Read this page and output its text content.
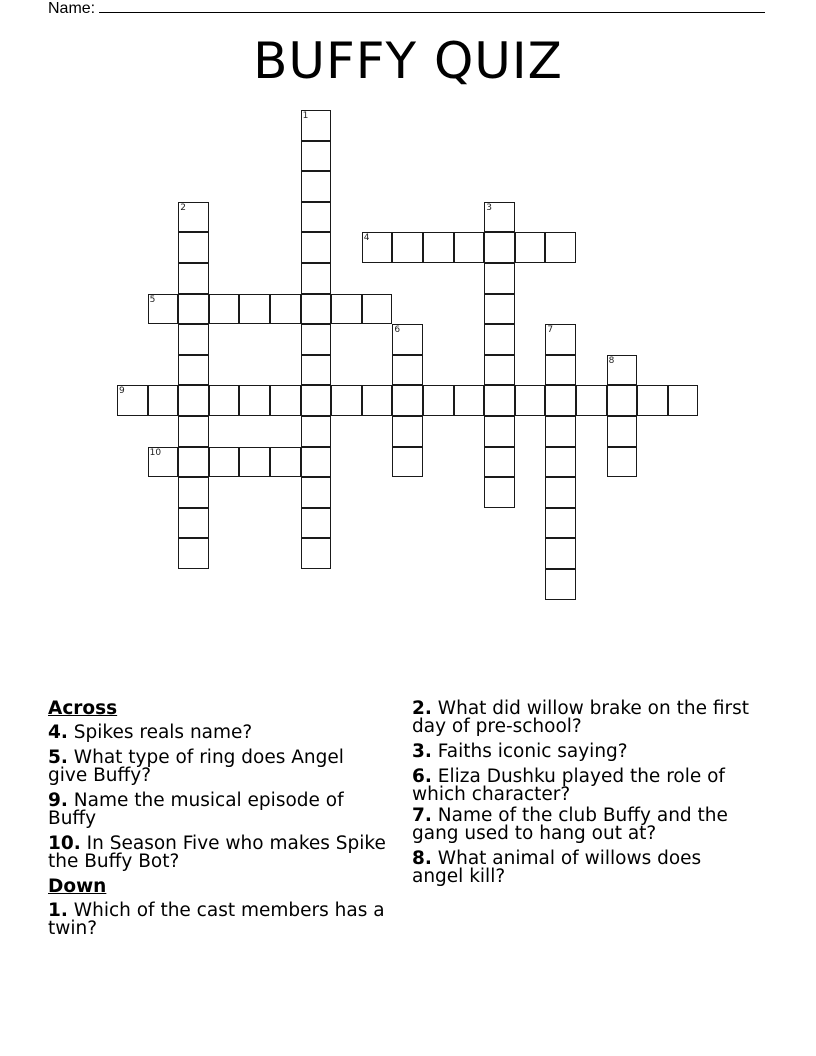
Name:
BUFFY QUIZ
1
2	3
4
5
6	7
8
9
10
Across
4. Spikes reals name?
5. What type of ring does Angel give Buffy?
9. Name the musical episode of Buffy
10. In Season Five who makes Spike the Buffy Bot?
Down
1. Which of the cast members has a twin?
2. What did willow brake on the first day of pre-school?
3. Faiths iconic saying?
6. Eliza Dushku played the role of which character?
7. Name of the club Buffy and the gang used to hang out at?
8. What animal of willows does angel kill?
